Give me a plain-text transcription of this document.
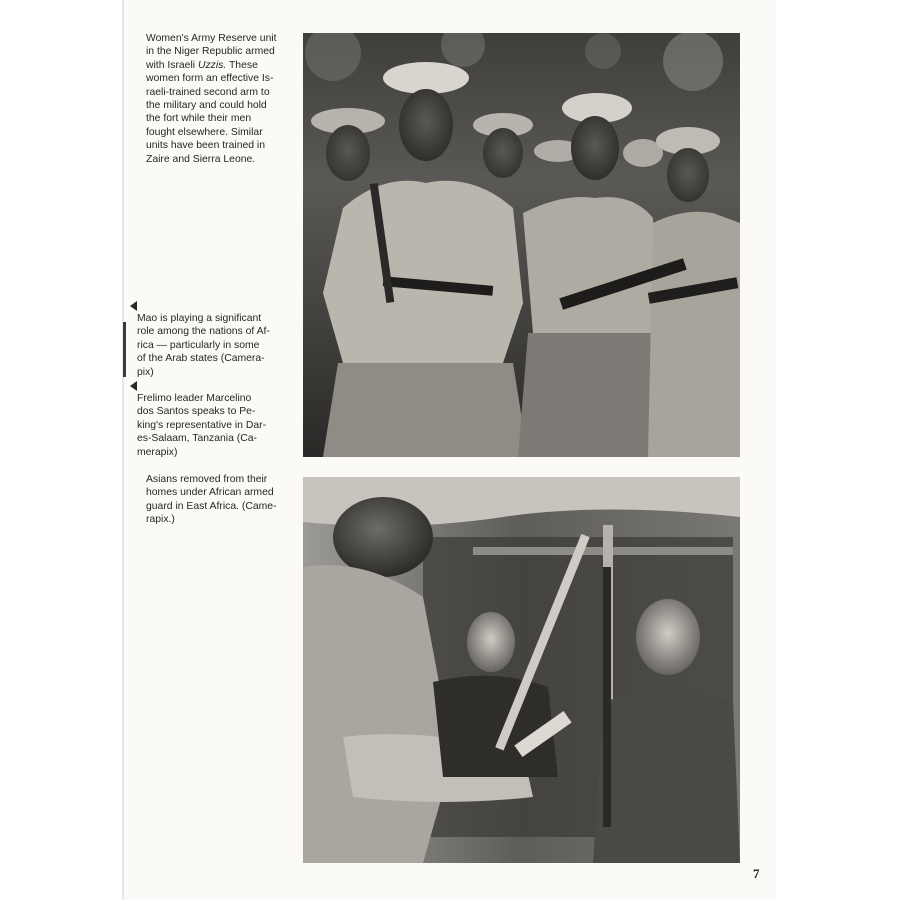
Women's Army Reserve unit
in the Niger Republic armed
with Israeli Uzzis. These
women form an effective Is-
raeli-trained second arm to
the military and could hold
the fort while their men
fought elsewhere. Similar
units have been trained in
Zaire and Sierra Leone.

Mao is playing a significant
role among the nations of Af-
rica — particularly in some
of the Arab states (Camera-
pix)

Frelimo leader Marcelino
dos Santos speaks to Pe-
king's representative in Dar-
es-Salaam, Tanzania (Ca-
merapix)

Asians removed from their
homes under African armed
guard in East Africa. (Came-
rapix.)

7
